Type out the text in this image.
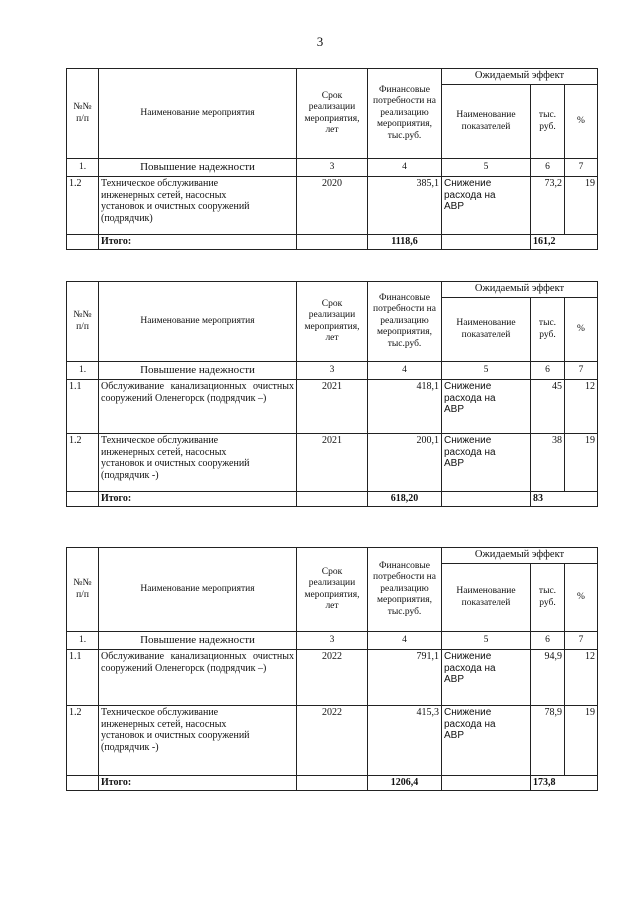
3
№№ п/п	Наименование мероприятия	Срок реализации мероприятия, лет	Финансовые потребности на реализацию мероприятия, тыс.руб.	Ожидаемый эффект		
				Наименование показателей	тыс. руб.	%
1.	Повышение надежности	3	4	5	6	7
1.2	Техническое обслуживание
инженерных сетей, насосных
установок и очистных сооружений
(подрядчик)	2020	385,1	Снижение
расхода на
АВР	73,2	19
	Итого:		1118,6		161,2	
№№ п/п	Наименование мероприятия	Срок реализации мероприятия, лет	Финансовые потребности на реализацию мероприятия, тыс.руб.	Ожидаемый эффект		
				Наименование показателей	тыс. руб.	%
1.	Повышение надежности	3	4	5	6	7
1.1	Обслуживание канализационных очистных сооружений Оленегорск (подрядчик –)	2021	418,1	Снижение
расхода на
АВР	45	12
1.2	Техническое обслуживание
инженерных сетей, насосных
установок и очистных сооружений
(подрядчик -)	2021	200,1	Снижение
расхода на
АВР	38	19
	Итого:		618,20		83	
№№ п/п	Наименование мероприятия	Срок реализации мероприятия, лет	Финансовые потребности на реализацию мероприятия, тыс.руб.	Ожидаемый эффект		
				Наименование показателей	тыс. руб.	%
1.	Повышение надежности	3	4	5	6	7
1.1	Обслуживание канализационных очистных сооружений Оленегорск (подрядчик –)	2022	791,1	Снижение
расхода на
АВР	94,9	12
1.2	Техническое обслуживание
инженерных сетей, насосных
установок и очистных сооружений
(подрядчик -)	2022	415,3	Снижение
расхода на
АВР	78,9	19
	Итого:		1206,4		173,8	
